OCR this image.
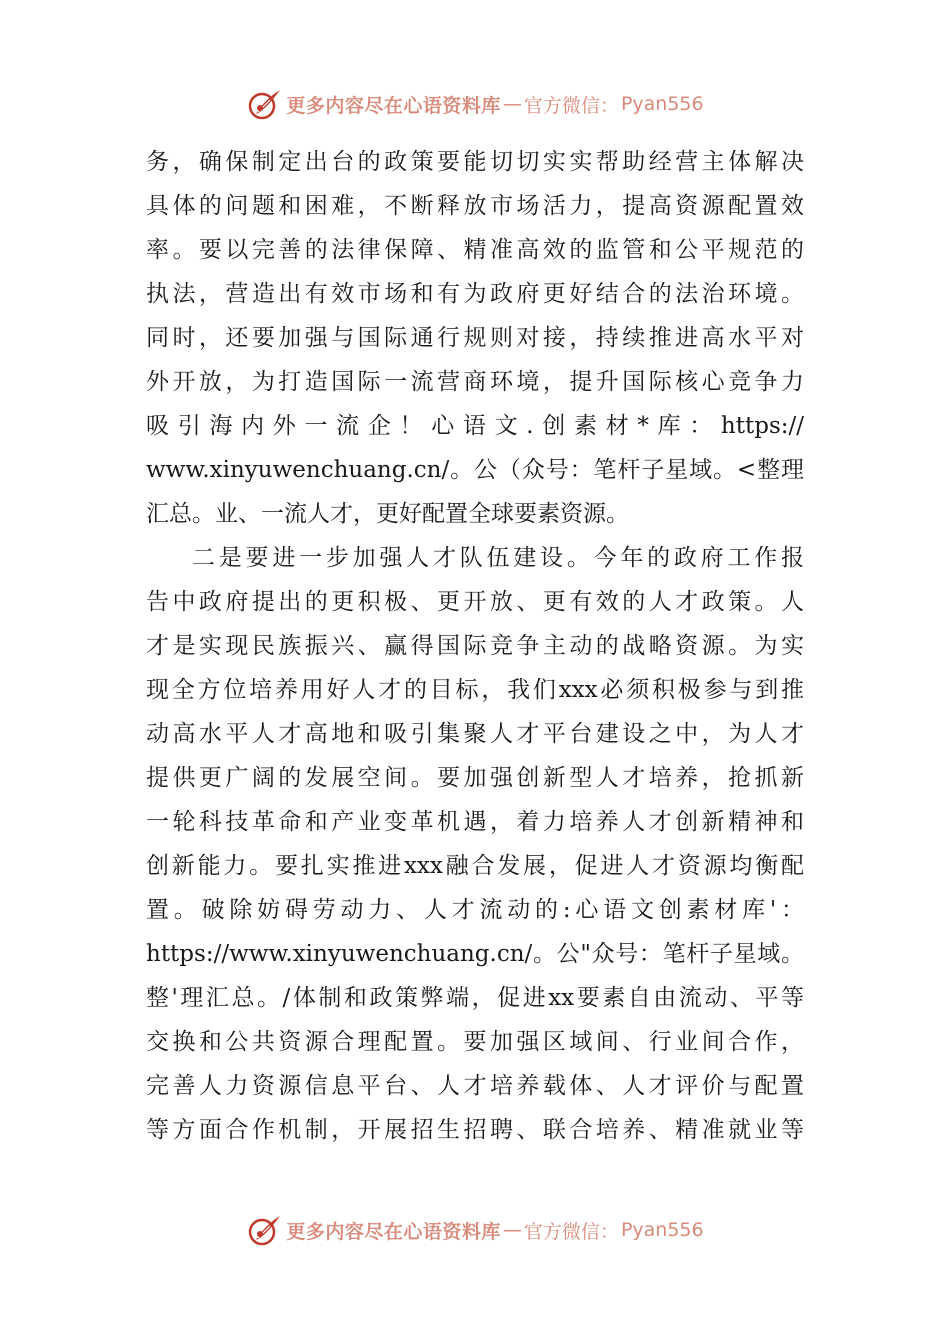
更多内容尽在心语资料库 — 官方微信： Pyan556
务，确保制定出台的政策要能切切实实帮助经营主体解决
具体的问题和困难，不断释放市场活力，提高资源配置效
率。要以完善的法律保障、精准高效的监管和公平规范的
执法，营造出有效市场和有为政府更好结合的法治环境。
同时，还要加强与国际通行规则对接，持续推进高水平对
外开放，为打造国际一流营商环境，提升国际核心竞争力
吸引海内外一流企！心语文.创素材*库：https://
www.xinyuwenchuang.cn/。公（众号：笔杆子星域。<整理
汇总。业、一流人才，更好配置全球要素资源。
二是要进一步加强人才队伍建设。今年的政府工作报
告中政府提出的更积极、更开放、更有效的人才政策。人
才是实现民族振兴、赢得国际竞争主动的战略资源。为实
现全方位培养用好人才的目标，我们xxx必须积极参与到推
动高水平人才高地和吸引集聚人才平台建设之中，为人才
提供更广阔的发展空间。要加强创新型人才培养，抢抓新
一轮科技革命和产业变革机遇，着力培养人才创新精神和
创新能力。要扎实推进xxx融合发展，促进人才资源均衡配
置。破除妨碍劳动力、人才流动的:心语文创素材库'：
https://www.xinyuwenchuang.cn/。公"众号：笔杆子星域。
整'理汇总。/体制和政策弊端，促进xx要素自由流动、平等
交换和公共资源合理配置。要加强区域间、行业间合作，
完善人力资源信息平台、人才培养载体、人才评价与配置
等方面合作机制，开展招生招聘、联合培养、精准就业等
更多内容尽在心语资料库 — 官方微信： Pyan556
